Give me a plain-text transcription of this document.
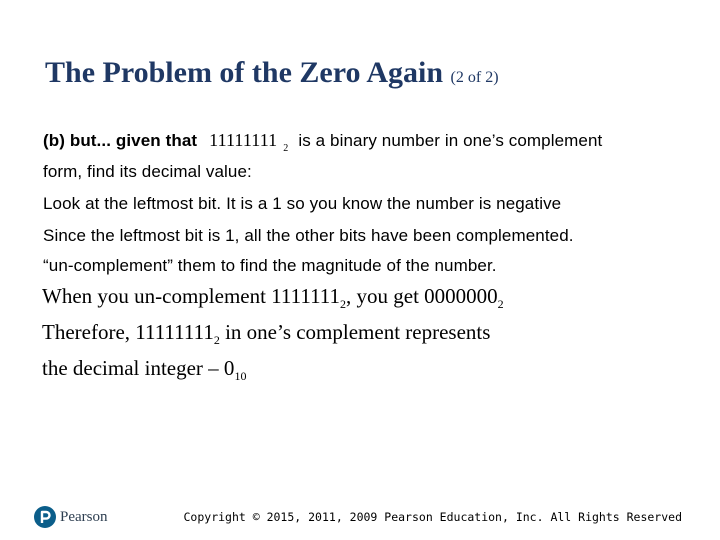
The Problem of the Zero Again (2 of 2)

(b) but... given that 11111111 $_2$ is a binary number in one’s complement

form, find its decimal value:

Look at the leftmost bit. It is a 1 so you know the number is negative

Since the leftmost bit is 1, all the other bits have been complemented.

“un-complement” them to find the magnitude of the number.

When you un-complement $1111111_2$, you get $0000000_2$

Therefore, $11111111_2$ in one’s complement represents

the decimal integer – $0_{10}$

Pearson	Copyright © 2015, 2011, 2009 Pearson Education, Inc. All Rights Reserved
